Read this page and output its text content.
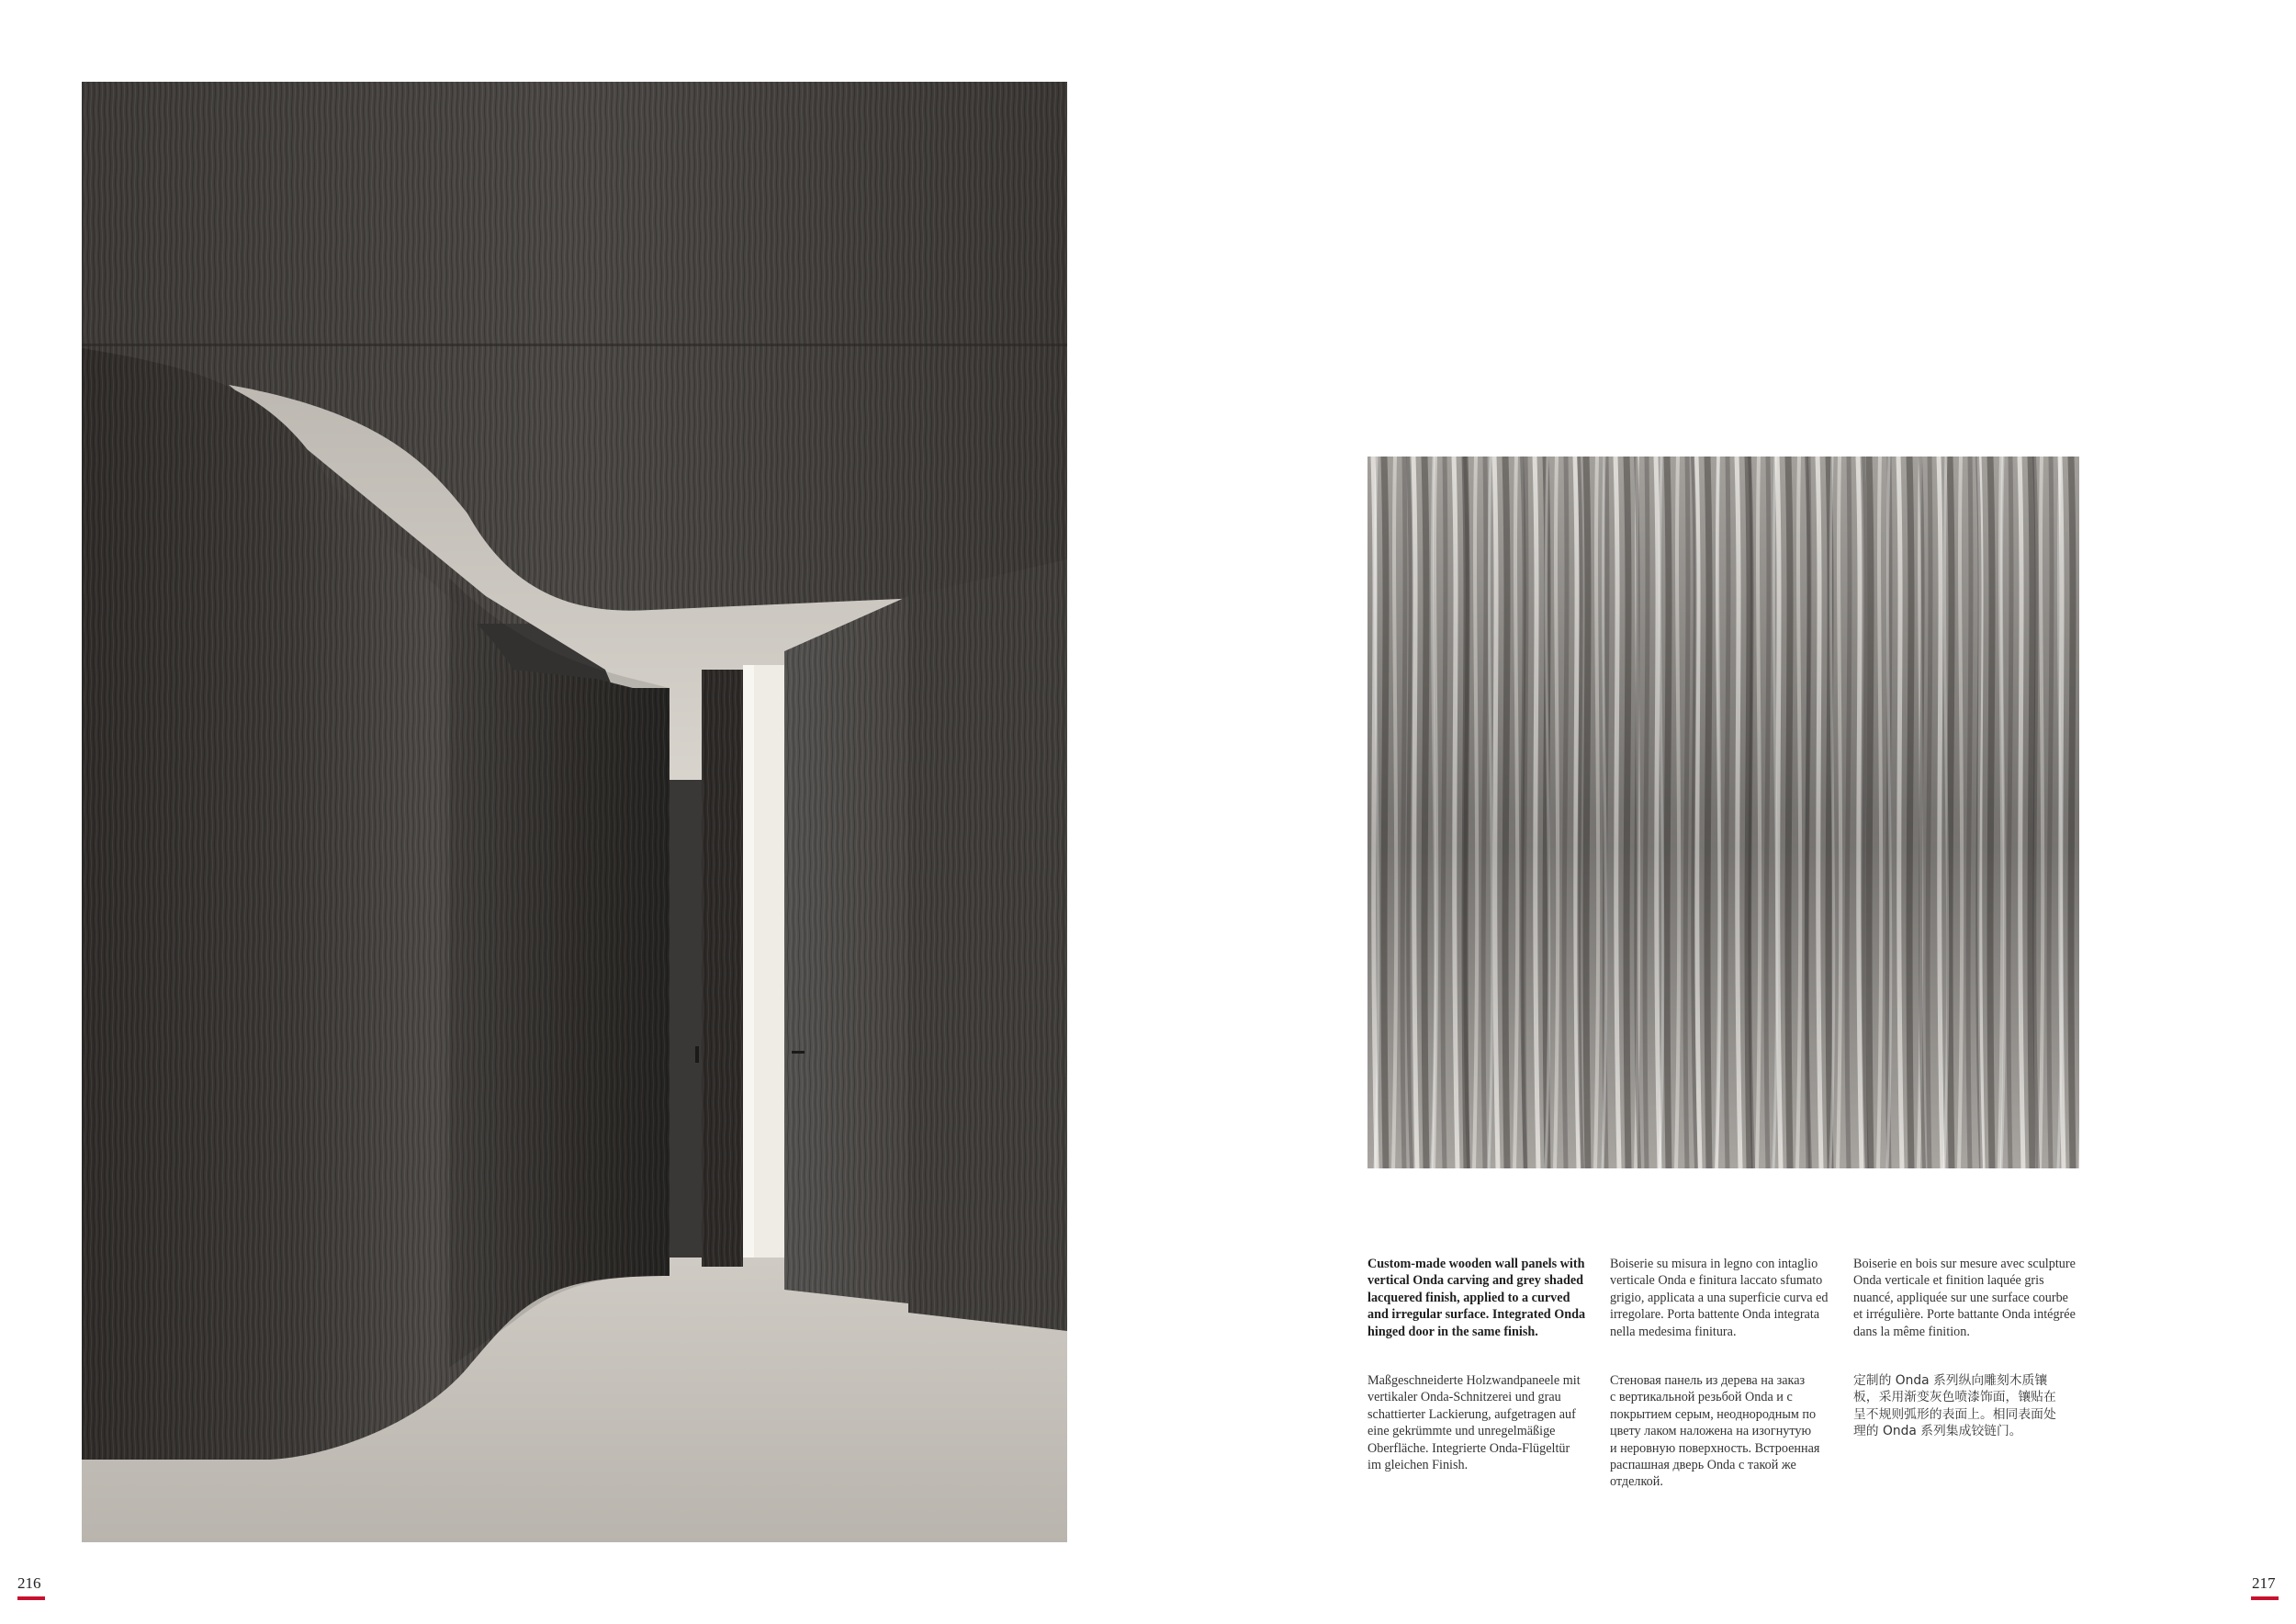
Custom-made wooden wall panels with
vertical Onda carving and grey shaded
lacquered finish, applied to a curved
and irregular surface. Integrated Onda
hinged door in the same finish.

Boiserie su misura in legno con intaglio
verticale Onda e finitura laccato sfumato
grigio, applicata a una superficie curva ed
irregolare. Porta battente Onda integrata
nella medesima finitura.

Boiserie en bois sur mesure avec sculpture
Onda verticale et finition laquée gris
nuancé, appliquée sur une surface courbe
et irrégulière. Porte battante Onda intégrée
dans la même finition.

Maßgeschneiderte Holzwandpaneele mit
vertikaler Onda-Schnitzerei und grau
schattierter Lackierung, aufgetragen auf
eine gekrümmte und unregelmäßige
Oberfläche. Integrierte Onda-Flügeltür
im gleichen Finish.

Стеновая панель из дерева на заказ
с вертикальной резьбой Onda и с
покрытием серым, неоднородным по
цвету лаком наложена на изогнутую
и неровную поверхность. Встроенная
распашная дверь Onda с такой же
отделкой.

定制的 Onda 系列纵向雕刻木质镶
板，采用渐变灰色喷漆饰面，镶贴在
呈不规则弧形的表面上。相同表面处
理的 Onda 系列集成铰链门。

216	217
